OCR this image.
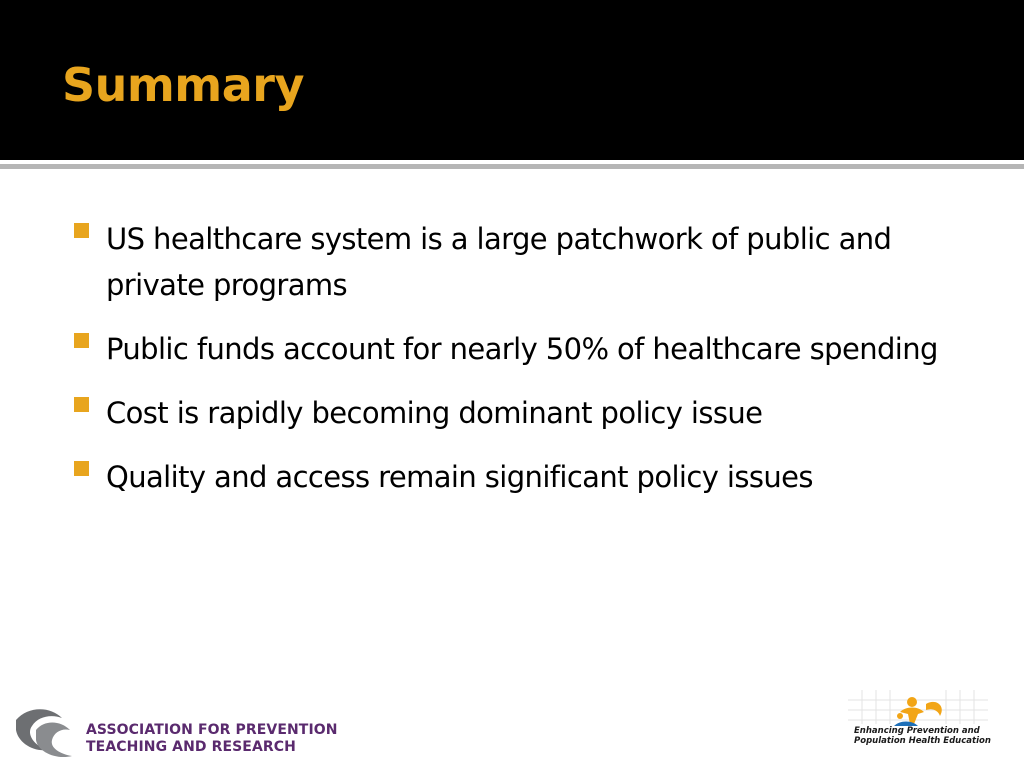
Summary
US healthcare system is a large patchwork of public and private programs
Public funds account for nearly 50% of healthcare spending
Cost is rapidly becoming dominant policy issue
Quality and access remain significant policy issues
ASSOCIATION FOR PREVENTION
TEACHING AND RESEARCH
Enhancing Prevention and
Population Health Education
